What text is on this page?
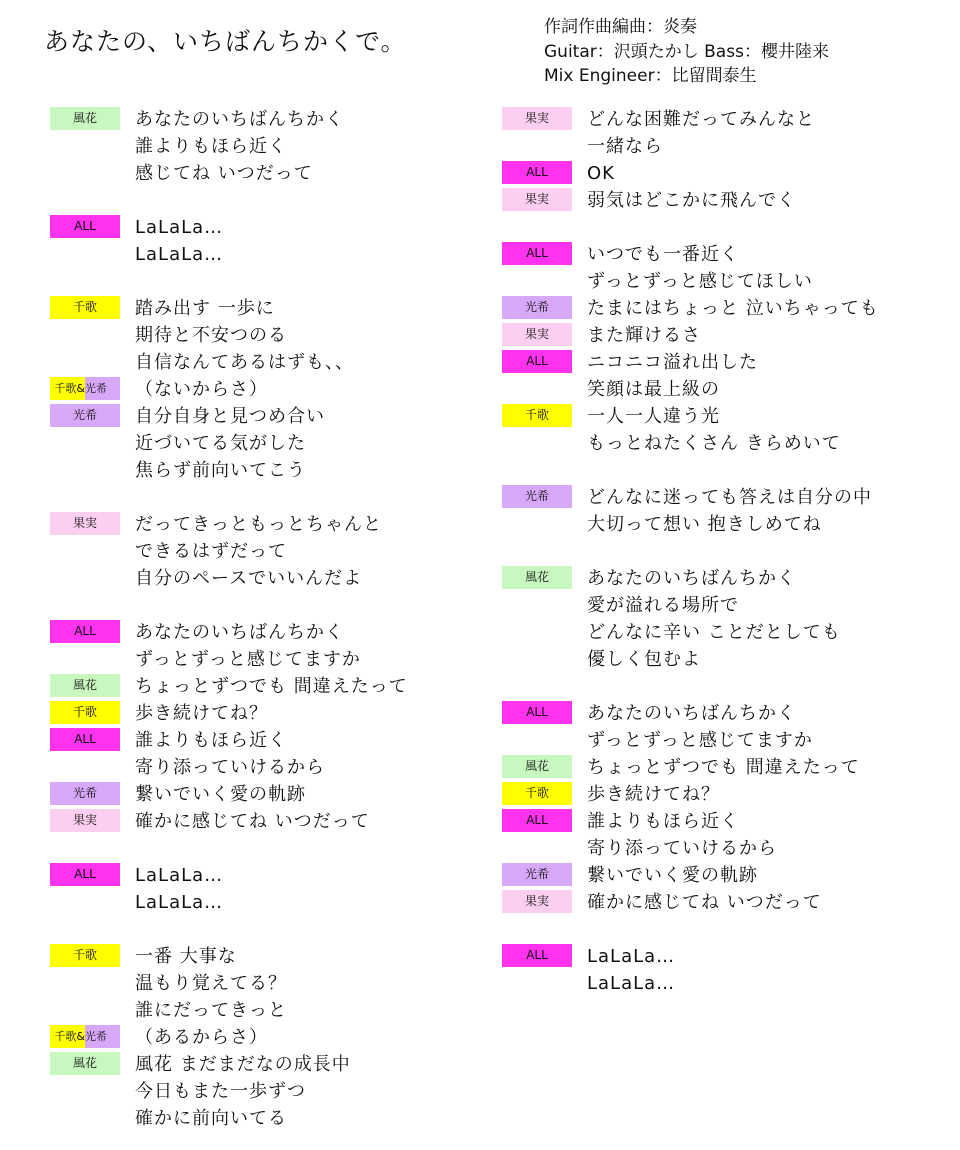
あなたの、いちばんちかくで。	作詞作曲編曲：炎奏
Guitar：沢頭たかし Bass：櫻井陸来
Mix Engineer：比留間泰生
風花	あなたのいちばんちかく
誰よりもほら近く
感じてね いつだって
ALL	LaLaLa…
LaLaLa…
千歌	踏み出す 一歩に
期待と不安つのる
自信なんてあるはずも、、
千歌& 光希	（ないからさ）
光希	自分自身と見つめ合い
近づいてる気がした
焦らず前向いてこう
果実	だってきっともっとちゃんと
できるはずだって
自分のペースでいいんだよ
ALL	あなたのいちばんちかく
ずっとずっと感じてますか
風花	ちょっとずつでも 間違えたって
千歌	歩き続けてね？
ALL	誰よりもほら近く
寄り添っていけるから
光希	繋いでいく愛の軌跡
果実	確かに感じてね いつだって
ALL	LaLaLa…
LaLaLa…
千歌	一番 大事な
温もり覚えてる？
誰にだってきっと
千歌& 光希	（あるからさ）
風花	風花 まだまだなの成長中
今日もまた一歩ずつ
確かに前向いてる
果実	どんな困難だってみんなと
一緒なら
ALL	OK
果実	弱気はどこかに飛んでく
ALL	いつでも一番近く
ずっとずっと感じてほしい
光希	たまにはちょっと 泣いちゃっても
果実	また輝けるさ
ALL	ニコニコ溢れ出した
笑顔は最上級の
千歌	一人一人違う光
もっとねたくさん きらめいて
光希	どんなに迷っても答えは自分の中
大切って想い 抱きしめてね
風花	あなたのいちばんちかく
愛が溢れる場所で
どんなに辛い ことだとしても
優しく包むよ
ALL	あなたのいちばんちかく
ずっとずっと感じてますか
風花	ちょっとずつでも 間違えたって
千歌	歩き続けてね？
ALL	誰よりもほら近く
寄り添っていけるから
光希	繋いでいく愛の軌跡
果実	確かに感じてね いつだって
ALL	LaLaLa…
LaLaLa…
